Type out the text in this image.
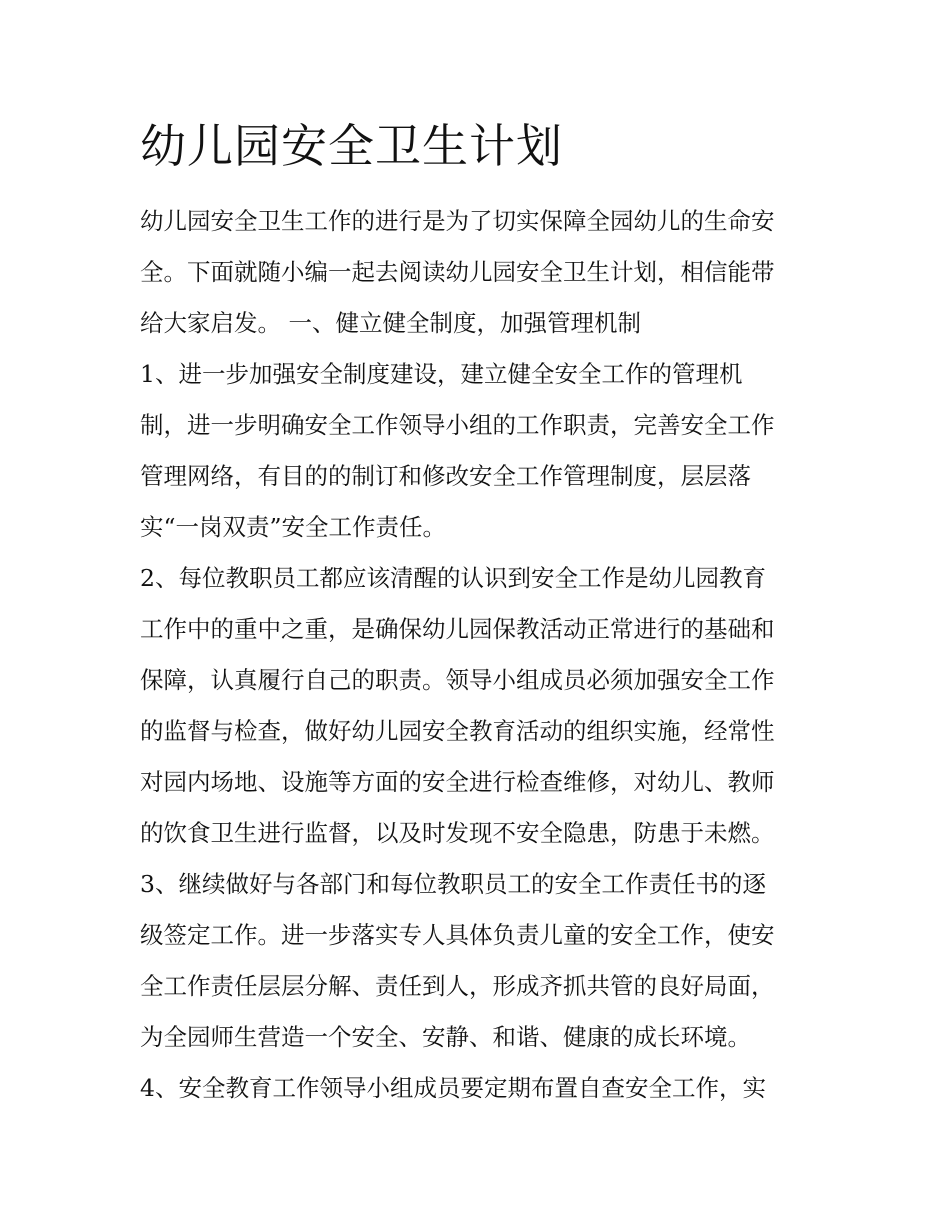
幼儿园安全卫生计划

幼儿园安全卫生工作的进行是为了切实保障全园幼儿的生命安

全。下面就随小编一起去阅读幼儿园安全卫生计划，相信能带

给大家启发。 一、健立健全制度，加强管理机制

1、进一步加强安全制度建设，建立健全安全工作的管理机

制，进一步明确安全工作领导小组的工作职责，完善安全工作

管理网络，有目的的制订和修改安全工作管理制度，层层落

实“一岗双责”安全工作责任。

2、每位教职员工都应该清醒的认识到安全工作是幼儿园教育

工作中的重中之重，是确保幼儿园保教活动正常进行的基础和

保障，认真履行自己的职责。领导小组成员必须加强安全工作

的监督与检查，做好幼儿园安全教育活动的组织实施，经常性

对园内场地、设施等方面的安全进行检查维修，对幼儿、教师

的饮食卫生进行监督，以及时发现不安全隐患，防患于未燃。

3、继续做好与各部门和每位教职员工的安全工作责任书的逐

级签定工作。进一步落实专人具体负责儿童的安全工作，使安

全工作责任层层分解、责任到人，形成齐抓共管的良好局面，

为全园师生营造一个安全、安静、和谐、健康的成长环境。

4、安全教育工作领导小组成员要定期布置自查安全工作，实
